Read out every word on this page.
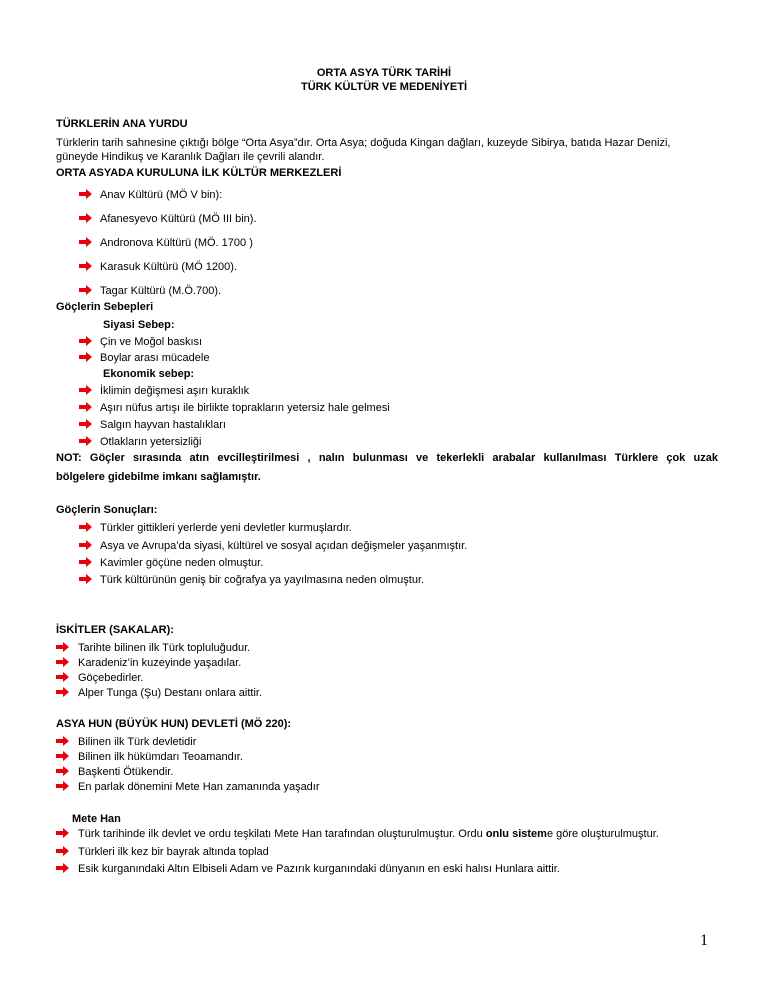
ORTA ASYA TÜRK TARİHİ
TÜRK KÜLTÜR VE MEDENİYETİ
TÜRKLERİN ANA YURDU
Türklerin tarih sahnesine çıktığı bölge “Orta Asya”dır. Orta Asya; doğuda Kingan dağları, kuzeyde Sibirya, batıda Hazar Denizi,
güneyde Hindikuş ve Karanlık Dağları ile çevrili alandır.
ORTA ASYADA KURULUNA İLK KÜLTÜR MERKEZLERİ
Anav Kültürü (MÖ V bin):
Afanesyevo Kültürü (MÖ III bin).
Andronova Kültürü (MÖ. 1700 )
Karasuk Kültürü (MÖ 1200).
Tagar Kültürü (M.Ö.700).
Göçlerin Sebepleri
Siyasi Sebep:
Çin ve Moğol baskısı
Boylar arası mücadele
Ekonomik sebep:
İklimin değişmesi aşırı kuraklık
Aşırı nüfus artışı ile birlikte toprakların yetersiz hale gelmesi
Salgın hayvan hastalıkları
Otlakların yetersizliği
NOT: Göçler sırasında atın evcilleştirilmesi , nalın bulunması ve tekerlekli arabalar kullanılması Türklere çok uzak
bölgelere gidebilme imkanı sağlamıştır.
Göçlerin Sonuçları:
Türkler gittikleri yerlerde yeni devletler kurmuşlardır.
Asya ve Avrupa’da siyasi, kültürel ve sosyal açıdan değişmeler yaşanmıştır.
Kavimler göçüne neden olmuştur.
Türk kültürünün geniş bir coğrafya ya yayılmasına neden olmuştur.
İSKİTLER (SAKALAR):
Tarihte bilinen ilk Türk topluluğudur.
Karadeniz’in kuzeyinde yaşadılar.
Göçebedirler.
Alper Tunga (Şu) Destanı onlara aittir.
ASYA HUN (BÜYÜK HUN) DEVLETİ (MÖ 220):
Bilinen ilk Türk devletidir
Bilinen ilk hükümdarı Teoamandır.
Başkenti Ötükendir.
En parlak dönemini Mete Han zamanında yaşadır
Mete Han
Türk tarihinde ilk devlet ve ordu teşkilatı Mete Han tarafından oluşturulmuştur. Ordu onlu sisteme göre oluşturulmuştur.
Türkleri ilk kez bir bayrak altında toplad
Esik kurganındaki Altın Elbiseli Adam ve Pazırık kurganındaki dünyanın en eski halısı Hunlara aittir.
1
